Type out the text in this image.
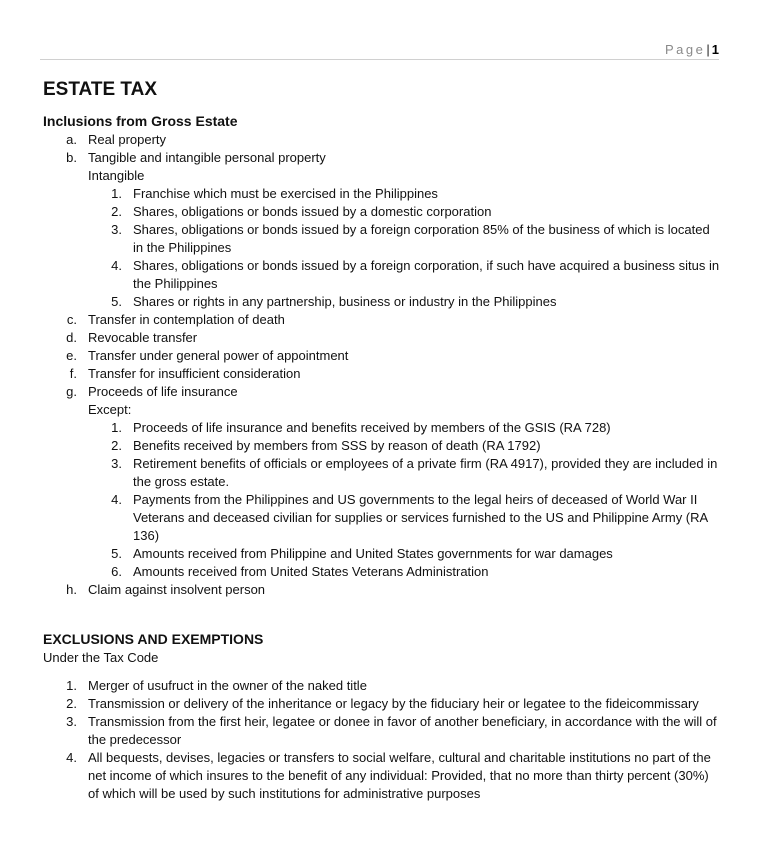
Page| 1
ESTATE TAX
Inclusions from Gross Estate
a. Real property
b. Tangible and intangible personal property
Intangible
1. Franchise which must be exercised in the Philippines
2. Shares, obligations or bonds issued by a domestic corporation
3. Shares, obligations or bonds issued by a foreign corporation 85% of the business of which is located in the Philippines
4. Shares, obligations or bonds issued by a foreign corporation, if such have acquired a business situs in the Philippines
5. Shares or rights in any partnership, business or industry in the Philippines
c. Transfer in contemplation of death
d. Revocable transfer
e. Transfer under general power of appointment
f. Transfer for insufficient consideration
g. Proceeds of life insurance
Except:
1. Proceeds of life insurance and benefits received by members of the GSIS (RA 728)
2. Benefits received by members from SSS by reason of death (RA 1792)
3. Retirement benefits of officials or employees of a private firm (RA 4917), provided they are included in the gross estate.
4. Payments from the Philippines and US governments to the legal heirs of deceased of World War II Veterans and deceased civilian for supplies or services furnished to the US and Philippine Army (RA 136)
5. Amounts received from Philippine and United States governments for war damages
6. Amounts received from United States Veterans Administration
h. Claim against insolvent person
EXCLUSIONS AND EXEMPTIONS

Under the Tax Code

1. Merger of usufruct in the owner of the naked title
2. Transmission or delivery of the inheritance or legacy by the fiduciary heir or legatee to the fideicommissary
3. Transmission from the first heir, legatee or donee in favor of another beneficiary, in accordance with the will of the predecessor
4. All bequests, devises, legacies or transfers to social welfare, cultural and charitable institutions no part of the net income of which insures to the benefit of any individual: Provided, that no more than thirty percent (30%) of which will be used by such institutions for administrative purposes
